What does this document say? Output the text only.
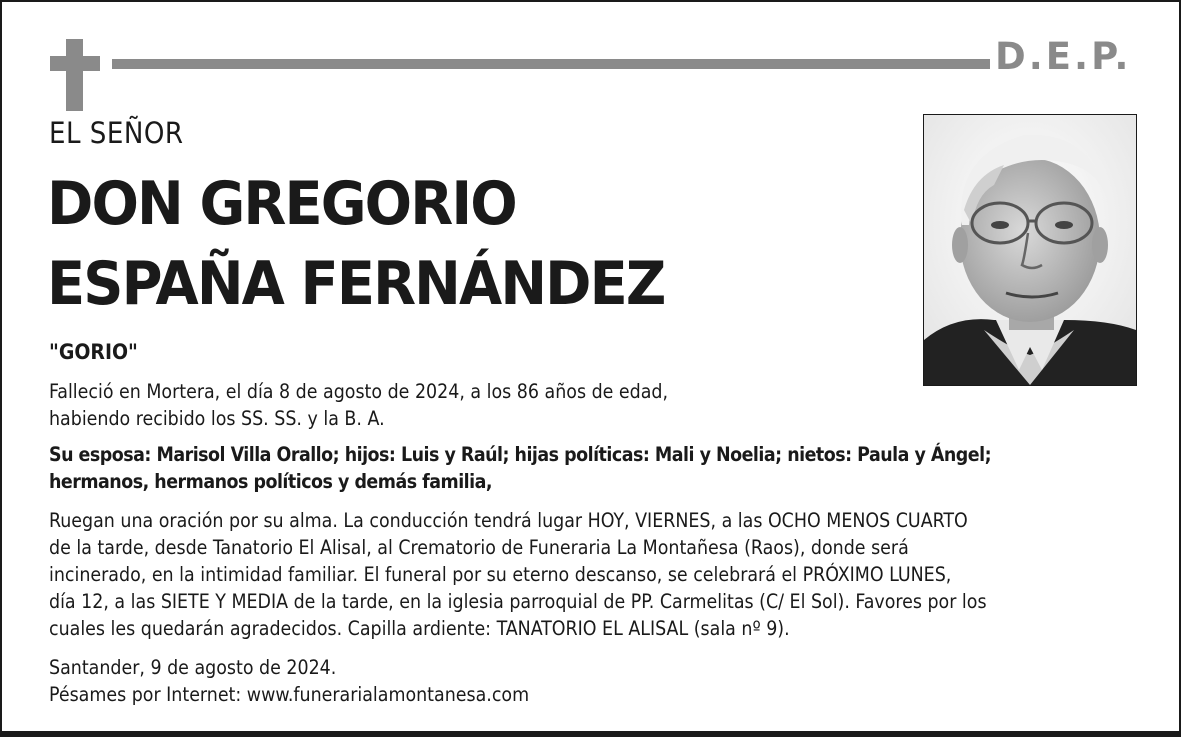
D.E.P.
EL SEÑOR
DON GREGORIO
ESPAÑA FERNÁNDEZ
"GORIO"

Falleció en Mortera, el día 8 de agosto de 2024, a los 86 años de edad,
habiendo recibido los SS. SS. y la B. A.

Su esposa: Marisol Villa Orallo; hijos: Luis y Raúl; hijas políticas: Mali y Noelia; nietos: Paula y Ángel;
hermanos, hermanos políticos y demás familia,

Ruegan una oración por su alma. La conducción tendrá lugar HOY, VIERNES, a las OCHO MENOS CUARTO
de la tarde, desde Tanatorio El Alisal, al Crematorio de Funeraria La Montañesa (Raos), donde será
incinerado, en la intimidad familiar. El funeral por su eterno descanso, se celebrará el PRÓXIMO LUNES,
día 12, a las SIETE Y MEDIA de la tarde, en la iglesia parroquial de PP. Carmelitas (C/ El Sol). Favores por los
cuales les quedarán agradecidos. Capilla ardiente: TANATORIO EL ALISAL (sala nº 9).

Santander, 9 de agosto de 2024.
Pésames por Internet: www.funerarialamontanesa.com
